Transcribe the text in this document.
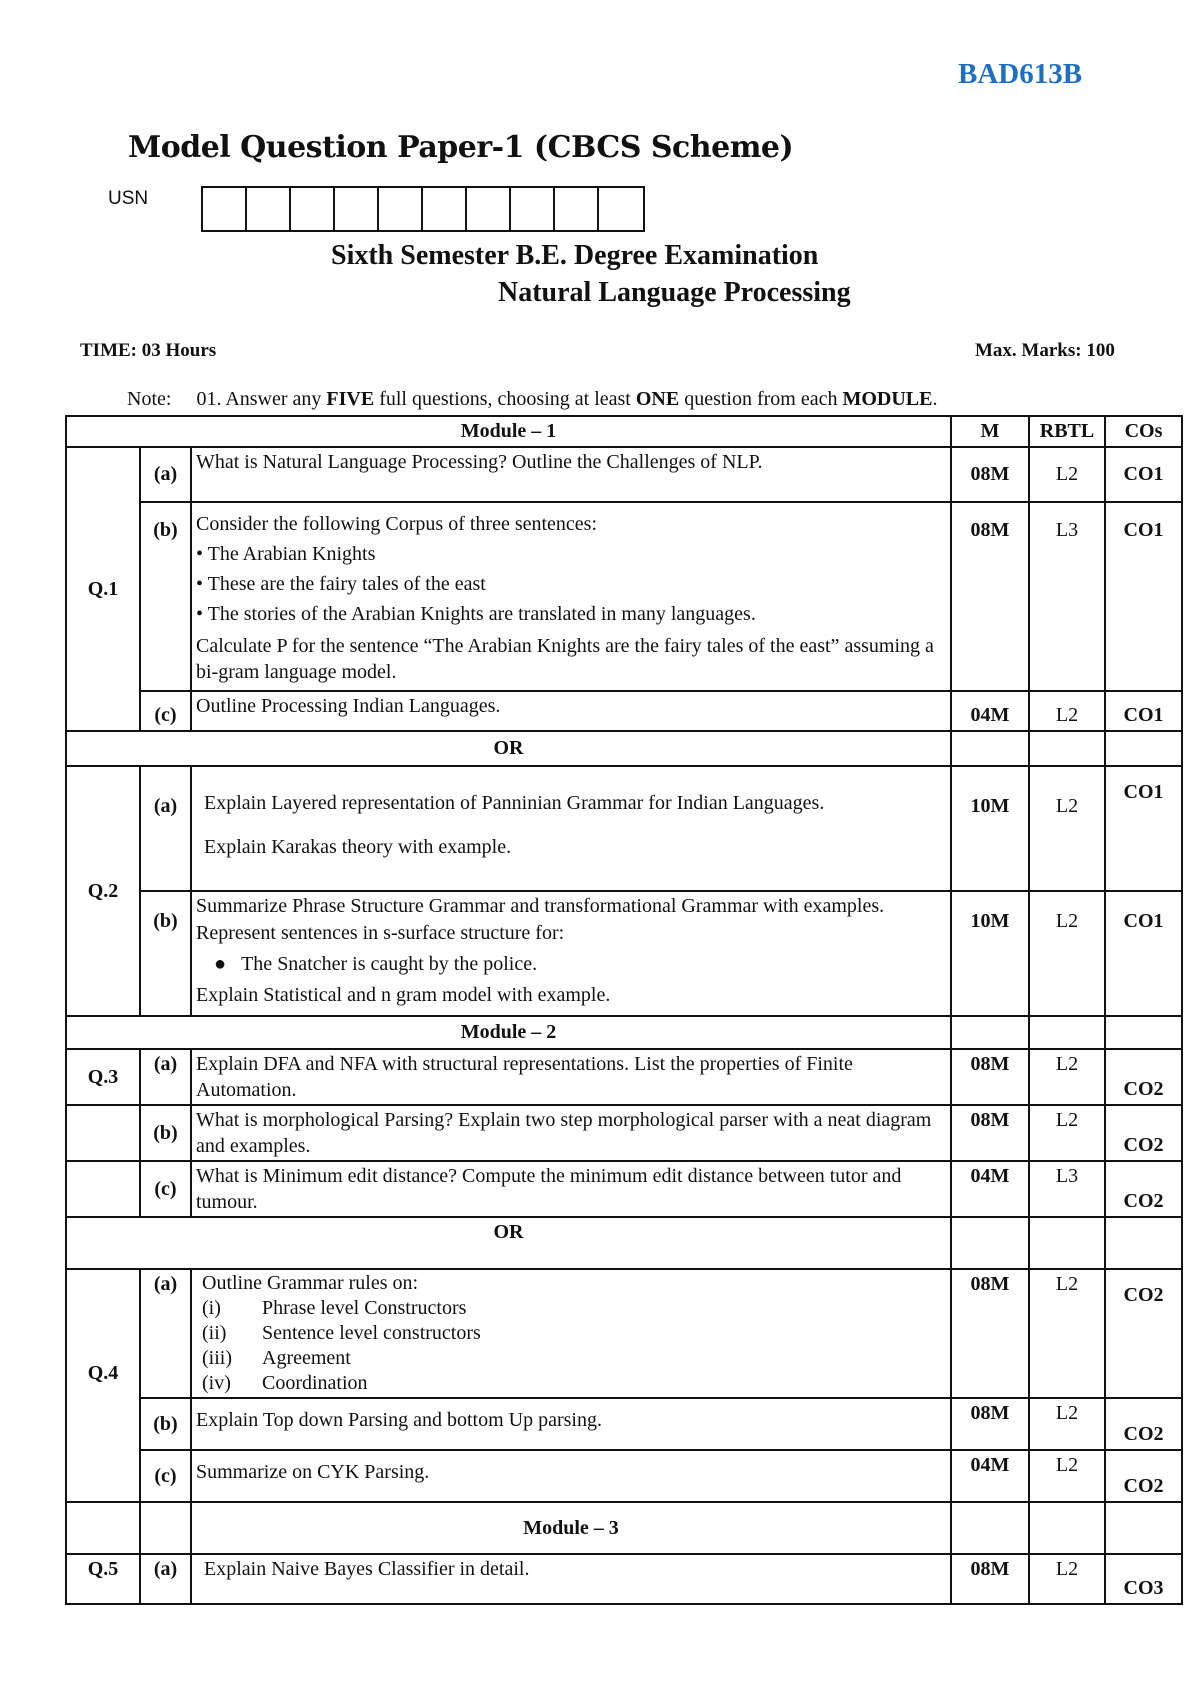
BAD613B
Model Question Paper-1 (CBCS Scheme)
USN
Sixth Semester B.E. Degree Examination
Natural Language Processing
TIME: 03 Hours	Max. Marks: 100
Note: 01. Answer any FIVE full questions, choosing at least ONE question from each MODULE.
Module – 1			M	RBTL	COs
Q.1	(a)	What is Natural Language Processing? Outline the Challenges of NLP.	08M	L2	CO1
	(b)	Consider the following Corpus of three sentences:
• The Arabian Knights
• These are the fairy tales of the east
• The stories of the Arabian Knights are translated in many languages.
Calculate P for the sentence “The Arabian Knights are the fairy tales of the east” assuming a bi-gram language model.	08M	L3	CO1
	(c)	Outline Processing Indian Languages.	04M	L2	CO1
OR					
Q.2	(a)	Explain Layered representation of Panninian Grammar for Indian Languages.
Explain Karakas theory with example.	10M	L2	CO1
	(b)	Summarize Phrase Structure Grammar and transformational Grammar with examples.    Represent sentences in s-surface structure for:
●   The Snatcher is caught by the police.
Explain Statistical and n gram model with example.	10M	L2	CO1
Module – 2					
Q.3	(a)	Explain DFA and NFA with structural representations. List the properties of Finite Automation.	08M	L2	CO2
	(b)	What is morphological Parsing? Explain two step morphological parser with a neat diagram and examples.	08M	L2	CO2
	(c)	What is Minimum edit distance? Compute the minimum edit distance between tutor and tumour.	04M	L3	CO2
OR					
Q.4	(a)	Outline Grammar rules on:
(i) Phrase level Constructors
(ii) Sentence level constructors
(iii) Agreement
(iv) Coordination	08M	L2	CO2
	(b)	Explain Top down Parsing and bottom Up parsing.	08M	L2	CO2
	(c)	Summarize on CYK Parsing.	04M	L2	CO2
		Module – 3			
Q.5	(a)	Explain Naive Bayes Classifier in detail.	08M	L2	CO3
